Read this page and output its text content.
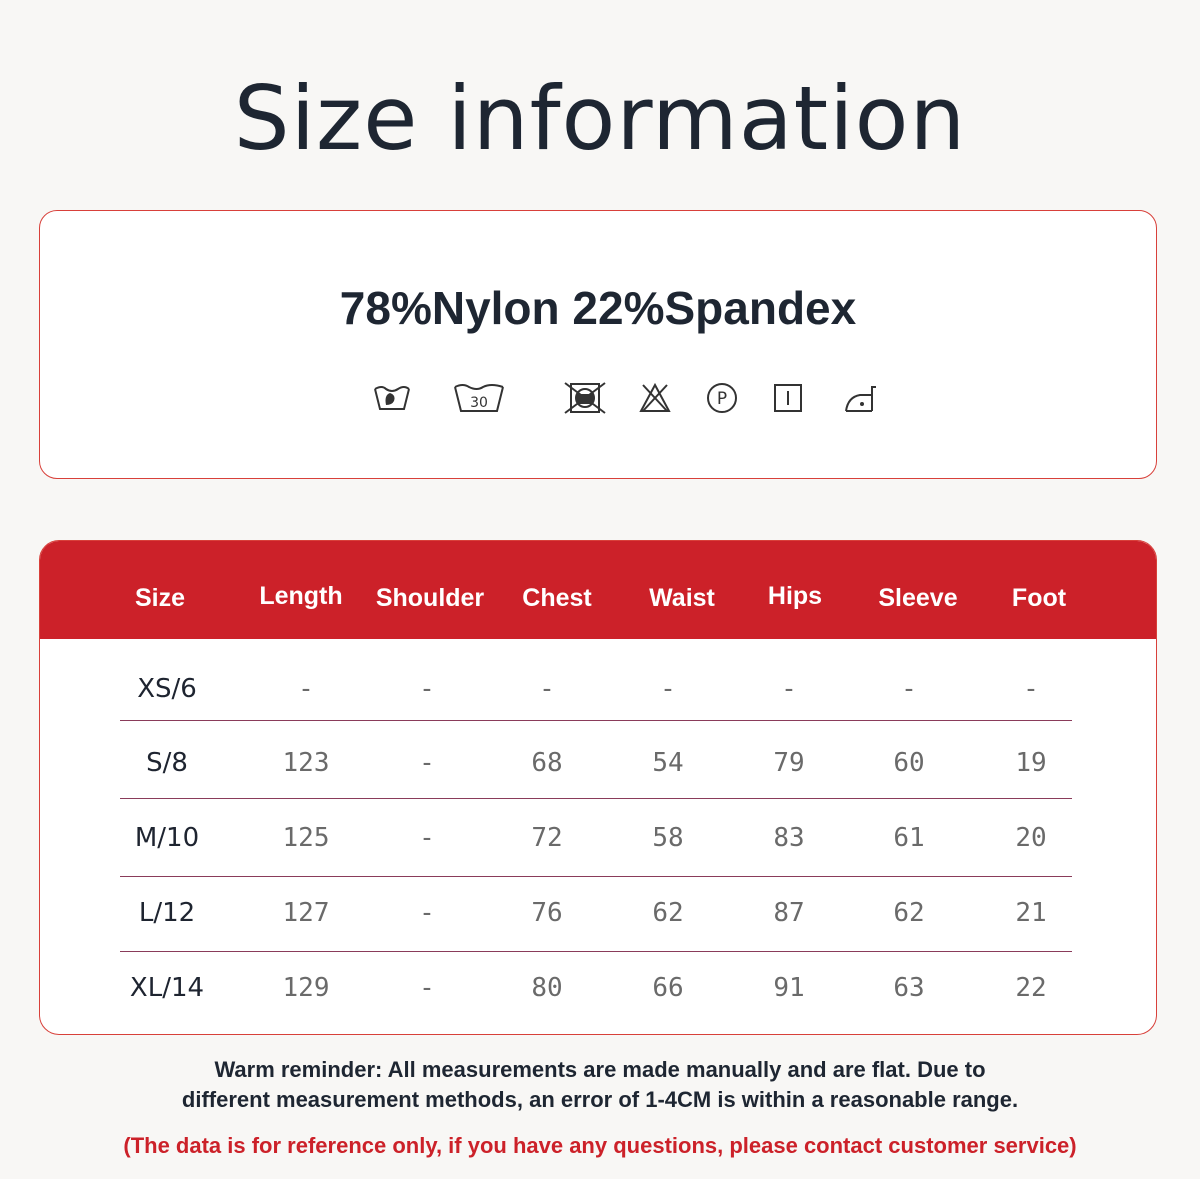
Size information
78%Nylon 22%Spandex
30	P
Size	Length Shoulder Chest Waist Hips Sleeve Foot
XS/6	-	-	-	-	-	-	-
S/8	123	-	68	54	79	60	19
M/10	125	-	72	58	83	61	20
L/12	127	-	76	62	87	62	21
XL/14	129	-	80	66	91	63	22
Warm reminder: All measurements are made manually and are flat. Due to
different measurement methods, an error of 1-4CM is within a reasonable range.
(The data is for reference only, if you have any questions, please contact customer service)
